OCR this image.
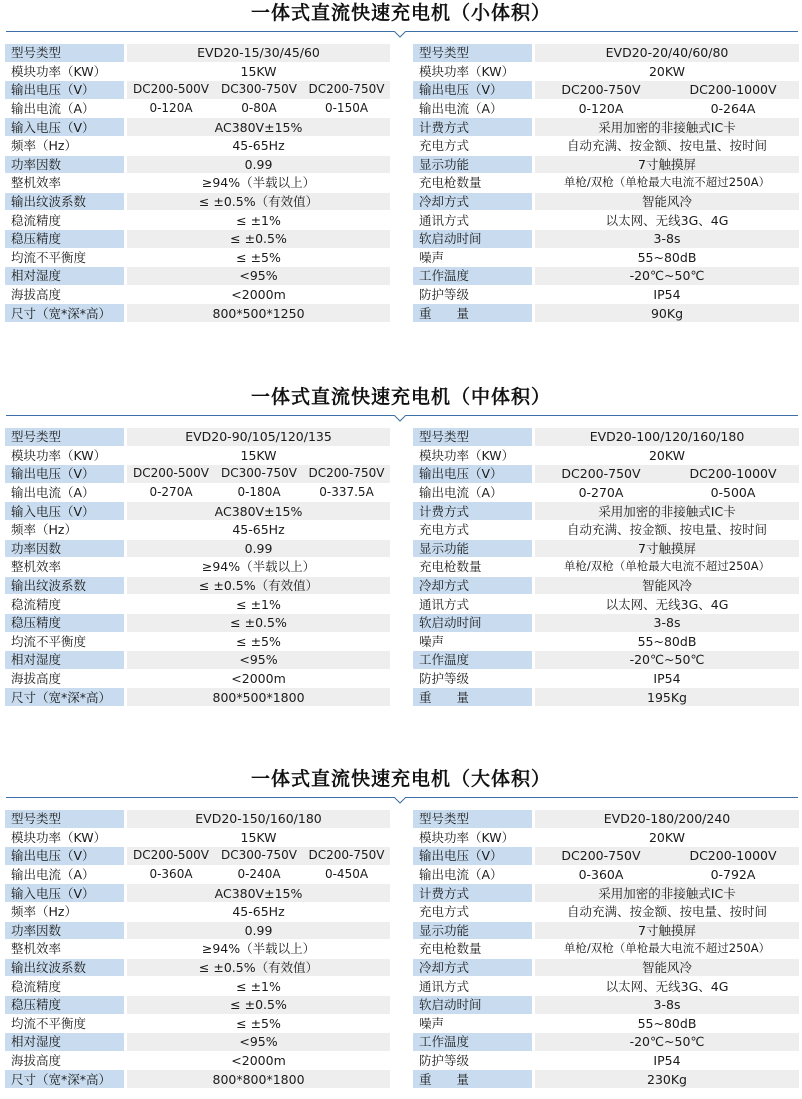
一体式直流快速充电机（小体积）
型号类型		EVD20-15/30/45/60		
模块功率（KW）		15KW		
输出电压（V）		DC200-500V	DC300-750V	DC200-750V
输出电流（A）		0-120A	0-80A	0-150A
输入电压（V）		AC380V±15%		
频率（Hz）		45-65Hz		
功率因数		0.99		
整机效率		≥94%（半载以上）		
输出纹波系数		≤ ±0.5%（有效值）		
稳流精度		≤ ±1%		
稳压精度		≤ ±0.5%		
均流不平衡度		≤ ±5%		
相对湿度		<95%		
海拔高度		<2000m		
尺寸（宽*深*高）		800*500*1250		
型号类型		EVD20-20/40/60/80	
模块功率（KW）		20KW	
输出电压（V）		DC200-750V	DC200-1000V
输出电流（A）		0-120A	0-264A
计费方式		采用加密的非接触式IC卡	
充电方式		自动充满、按金额、按电量、按时间	
显示功能		7寸触摸屏	
充电枪数量		单枪/双枪（单枪最大电流不超过250A）	
冷却方式		智能风冷	
通讯方式		以太网、无线3G、4G	
软启动时间		3-8s	
噪声		55~80dB	
工作温度		-20℃~50℃	
防护等级		IP54	
重　　量		90Kg	
一体式直流快速充电机（中体积）
型号类型		EVD20-90/105/120/135		
模块功率（KW）		15KW		
输出电压（V）		DC200-500V	DC300-750V	DC200-750V
输出电流（A）		0-270A	0-180A	0-337.5A
输入电压（V）		AC380V±15%		
频率（Hz）		45-65Hz		
功率因数		0.99		
整机效率		≥94%（半载以上）		
输出纹波系数		≤ ±0.5%（有效值）		
稳流精度		≤ ±1%		
稳压精度		≤ ±0.5%		
均流不平衡度		≤ ±5%		
相对湿度		<95%		
海拔高度		<2000m		
尺寸（宽*深*高）		800*500*1800		
型号类型		EVD20-100/120/160/180	
模块功率（KW）		20KW	
输出电压（V）		DC200-750V	DC200-1000V
输出电流（A）		0-270A	0-500A
计费方式		采用加密的非接触式IC卡	
充电方式		自动充满、按金额、按电量、按时间	
显示功能		7寸触摸屏	
充电枪数量		单枪/双枪（单枪最大电流不超过250A）	
冷却方式		智能风冷	
通讯方式		以太网、无线3G、4G	
软启动时间		3-8s	
噪声		55~80dB	
工作温度		-20℃~50℃	
防护等级		IP54	
重　　量		195Kg	
一体式直流快速充电机（大体积）
型号类型		EVD20-150/160/180		
模块功率（KW）		15KW		
输出电压（V）		DC200-500V	DC300-750V	DC200-750V
输出电流（A）		0-360A	0-240A	0-450A
输入电压（V）		AC380V±15%		
频率（Hz）		45-65Hz		
功率因数		0.99		
整机效率		≥94%（半载以上）		
输出纹波系数		≤ ±0.5%（有效值）		
稳流精度		≤ ±1%		
稳压精度		≤ ±0.5%		
均流不平衡度		≤ ±5%		
相对湿度		<95%		
海拔高度		<2000m		
尺寸（宽*深*高）		800*800*1800		
型号类型		EVD20-180/200/240	
模块功率（KW）		20KW	
输出电压（V）		DC200-750V	DC200-1000V
输出电流（A）		0-360A	0-792A
计费方式		采用加密的非接触式IC卡	
充电方式		自动充满、按金额、按电量、按时间	
显示功能		7寸触摸屏	
充电枪数量		单枪/双枪（单枪最大电流不超过250A）	
冷却方式		智能风冷	
通讯方式		以太网、无线3G、4G	
软启动时间		3-8s	
噪声		55~80dB	
工作温度		-20℃~50℃	
防护等级		IP54	
重　　量		230Kg	
